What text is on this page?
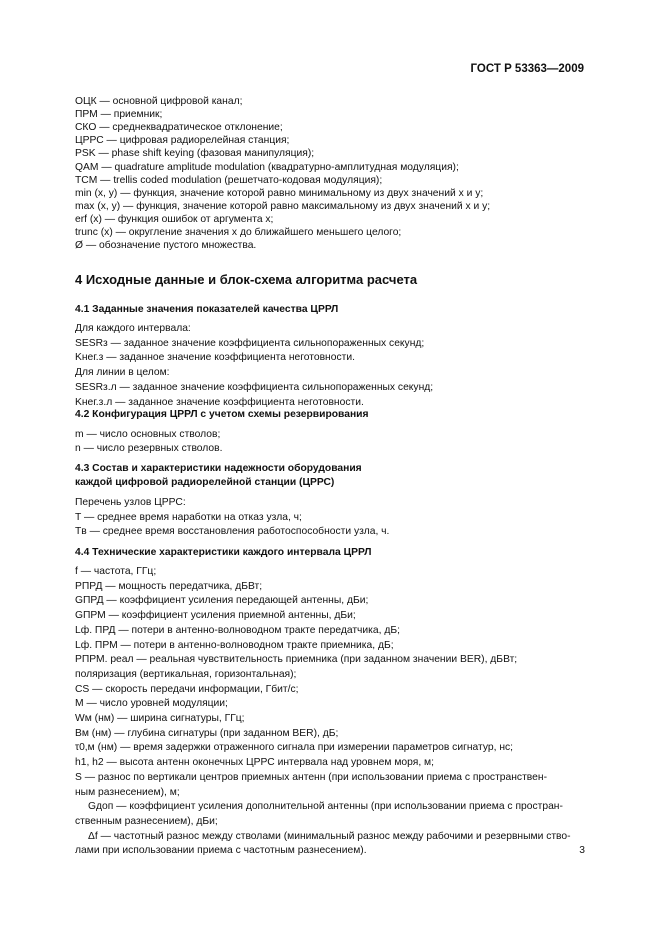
ГОСТ Р 53363—2009
ОЦК — основной цифровой канал;
ПРМ — приемник;
СКО — среднеквадратическое отклонение;
ЦРРС — цифровая радиорелейная станция;
PSK — phase shift keying (фазовая манипуляция);
QAM — quadrature amplitude modulation (квадратурно-амплитудная модуляция);
TCM — trellis coded modulation (решетчато-кодовая модуляция);
min (x, y) — функция, значение которой равно минимальному из двух значений x и y;
max (x, y) — функция, значение которой равно максимальному из двух значений x и y;
erf (x) — функция ошибок от аргумента x;
trunc (x) — округление значения x до ближайшего меньшего целого;
Ø — обозначение пустого множества.
4 Исходные данные и блок-схема алгоритма расчета
4.1 Заданные значения показателей качества ЦРРЛ
Для каждого интервала:
SESRз — заданное значение коэффициента сильнопораженных секунд;
Kнег.з — заданное значение коэффициента неготовности.
Для линии в целом:
SESRз.л — заданное значение коэффициента сильнопораженных секунд;
Kнег.з.л — заданное значение коэффициента неготовности.
4.2 Конфигурация ЦРРЛ с учетом схемы резервирования
m — число основных стволов;
n — число резервных стволов.
4.3 Состав и характеристики надежности оборудования
каждой цифровой радиорелейной станции (ЦРРС)
Перечень узлов ЦРРС:
T — среднее время наработки на отказ узла, ч;
Tв — среднее время восстановления работоспособности узла, ч.
4.4 Технические характеристики каждого интервала ЦРРЛ
f — частота, ГГц;
PПРД — мощность передатчика, дБВт;
GПРД — коэффициент усиления передающей антенны, дБи;
GПРМ — коэффициент усиления приемной антенны, дБи;
Lф. ПРД — потери в антенно-волноводном тракте передатчика, дБ;
Lф. ПРМ — потери в антенно-волноводном тракте приемника, дБ;
PПРМ. реал — реальная чувствительность приемника (при заданном значении BER), дБВт;
поляризация (вертикальная, горизонтальная);
CS — скорость передачи информации, Гбит/с;
M — число уровней модуляции;
Wм (нм) — ширина сигнатуры, ГГц;
Bм (нм) — глубина сигнатуры (при заданном BER), дБ;
τ0,м (нм) — время задержки отраженного сигнала при измерении параметров сигнатур, нс;
h1, h2 — высота антенн оконечных ЦРРС интервала над уровнем моря, м;
S — разнос по вертикали центров приемных антенн (при использовании приема с пространствен-
ным разнесением), м;
Gдоп — коэффициент усиления дополнительной антенны (при использовании приема с простран-
ственным разнесением), дБи;
Δf — частотный разнос между стволами (минимальный разнос между рабочими и резервными ство-
лами при использовании приема с частотным разнесением).	3
